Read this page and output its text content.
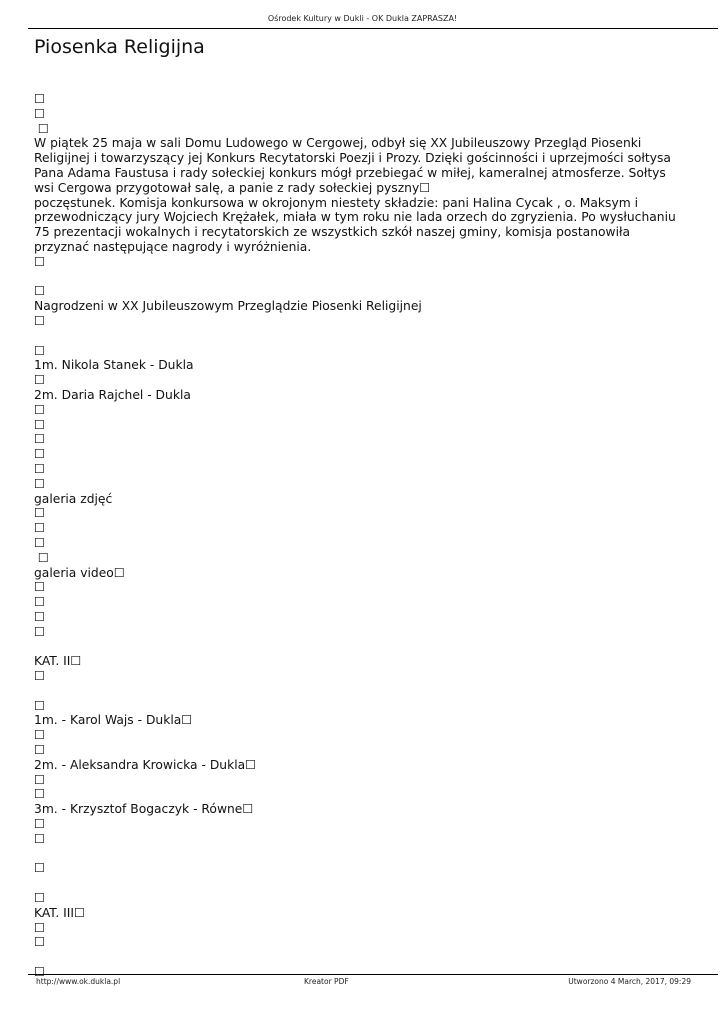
Ośrodek Kultury w Dukli - OK Dukla ZAPRASZA!
Piosenka Religijna
☐
☐
☐
W piątek 25 maja w sali Domu Ludowego w Cergowej, odbył się XX Jubileuszowy Przegląd Piosenki Religijnej i towarzyszący jej Konkurs Recytatorski Poezji i Prozy. Dzięki gościnności i uprzejmości sołtysa Pana Adama Faustusa i rady sołeckiej konkurs mógł przebiegać w miłej, kameralnej atmosferze. Sołtys wsi Cergowa przygotował salę, a panie z rady sołeckiej pyszny☐
poczęstunek. Komisja konkursowa w okrojonym niestety składzie: pani Halina Cycak , o. Maksym i przewodniczący jury Wojciech Krężałek, miała w tym roku nie lada orzech do zgryzienia. Po wysłuchaniu 75 prezentacji wokalnych i recytatorskich ze wszystkich szkół naszej gminy, komisja postanowiła przyznać następujące nagrody i wyróżnienia.
☐
☐
Nagrodzeni w XX Jubileuszowym Przeglądzie Piosenki Religijnej
☐
☐
1m. Nikola Stanek - Dukla
☐
2m. Daria Rajchel - Dukla
☐
☐
☐
☐
☐
☐
galeria zdjęć
☐
☐
☐
☐
galeria video☐
☐
☐
☐
☐
KAT. II☐
☐
☐
1m. - Karol Wajs - Dukla☐
☐
☐
2m. - Aleksandra Krowicka - Dukla☐
☐
☐
3m. - Krzysztof Bogaczyk - Równe☐
☐
☐
☐
☐
KAT. III☐
☐
☐
☐
http://www.ok.dukla.pl	Kreator PDF	Utworzono 4 March, 2017, 09:29
